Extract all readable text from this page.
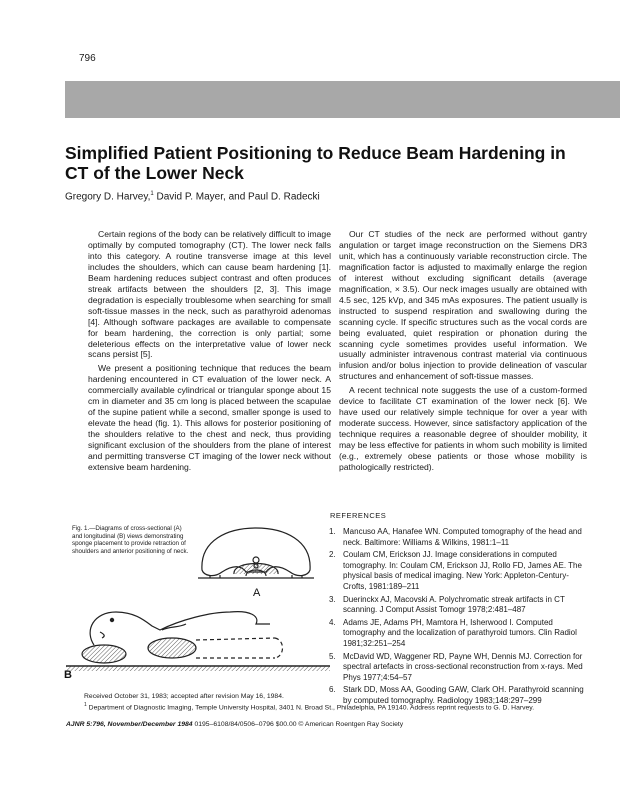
796
Simplified Patient Positioning to Reduce Beam Hardening in CT of the Lower Neck
Gregory D. Harvey,$^1$ David P. Mayer, and Paul D. Radecki

Certain regions of the body can be relatively difficult to image optimally by computed tomography (CT). The lower neck falls into this category. A routine transverse image at this level includes the shoulders, which can cause beam hardening [1]. Beam hardening reduces subject contrast and often produces streak artifacts between the shoulders [2, 3]. This image degradation is especially troublesome when searching for small soft-tissue masses in the neck, such as parathyroid adenomas [4]. Although software packages are available to compensate for beam hardening, the correction is only partial; some deleterious effects on the interpretative value of lower neck scans persist [5].

We present a positioning technique that reduces the beam hardening encountered in CT evaluation of the lower neck. A commercially available cylindrical or triangular sponge about 15 cm in diameter and 35 cm long is placed between the scapulae of the supine patient while a second, smaller sponge is used to elevate the head (fig. 1). This allows for posterior positioning of the shoulders relative to the chest and neck, thus providing significant exclusion of the shoulders from the plane of interest and permitting transverse CT imaging of the lower neck without extensive beam hardening.

Our CT studies of the neck are performed without gantry angulation or target image reconstruction on the Siemens DR3 unit, which has a continuously variable reconstruction circle. The magnification factor is adjusted to maximally enlarge the region of interest without excluding significant details (average magnification, × 3.5). Our neck images usually are obtained with 4.5 sec, 125 kVp, and 345 mAs exposures. The patient usually is instructed to suspend respiration and swallowing during the scanning cycle. If specific structures such as the vocal cords are being evaluated, quiet respiration or phonation during the scanning cycle sometimes provides useful information. We usually administer intravenous contrast material via continuous infusion and/or bolus injection to provide delineation of vascular structures and enhancement of soft-tissue masses.

A recent technical note suggests the use of a custom-formed device to facilitate CT examination of the lower neck [6]. We have used our relatively simple technique for over a year with moderate success. However, since satisfactory application of the technique requires a reasonable degree of shoulder mobility, it may be less effective for patients in whom such mobility is limited (e.g., extremely obese patients or those whose mobility is pathologically restricted).

REFERENCES
1. Mancuso AA, Hanafee WN. Computed tomography of the head and neck. Baltimore: Williams & Wilkins, 1981:1–11
2. Coulam CM, Erickson JJ. Image considerations in computed tomography. In: Coulam CM, Erickson JJ, Rollo FD, James AE. The physical basis of medical imaging. New York: Appleton-Century-Crofts, 1981:189–211
3. Duerinckx AJ, Macovski A. Polychromatic streak artifacts in CT scanning. J Comput Assist Tomogr 1978;2:481–487
4. Adams JE, Adams PH, Mamtora H, Isherwood I. Computed tomography and the localization of parathyroid tumors. Clin Radiol 1981;32:251–254
5. McDavid WD, Waggener RD, Payne WH, Dennis MJ. Correction for spectral artefacts in cross-sectional reconstruction from x-rays. Med Phys 1977;4:54–57
6. Stark DD, Moss AA, Gooding GAW, Clark OH. Parathyroid scanning by computed tomography. Radiology 1983;148:297–299
A
B
Fig. 1.—Diagrams of cross-sectional (A) and longitudinal (B) views demonstrating sponge placement to provide retraction of shoulders and anterior positioning of neck.
Received October 31, 1983; accepted after revision May 16, 1984.
$^1$ Department of Diagnostic Imaging, Temple University Hospital, 3401 N. Broad St., Philadelphia, PA 19140. Address reprint requests to G. D. Harvey.
AJNR 5:796, November/December 1984 0195–6108/84/0506–0796 $00.00 © American Roentgen Ray Society
